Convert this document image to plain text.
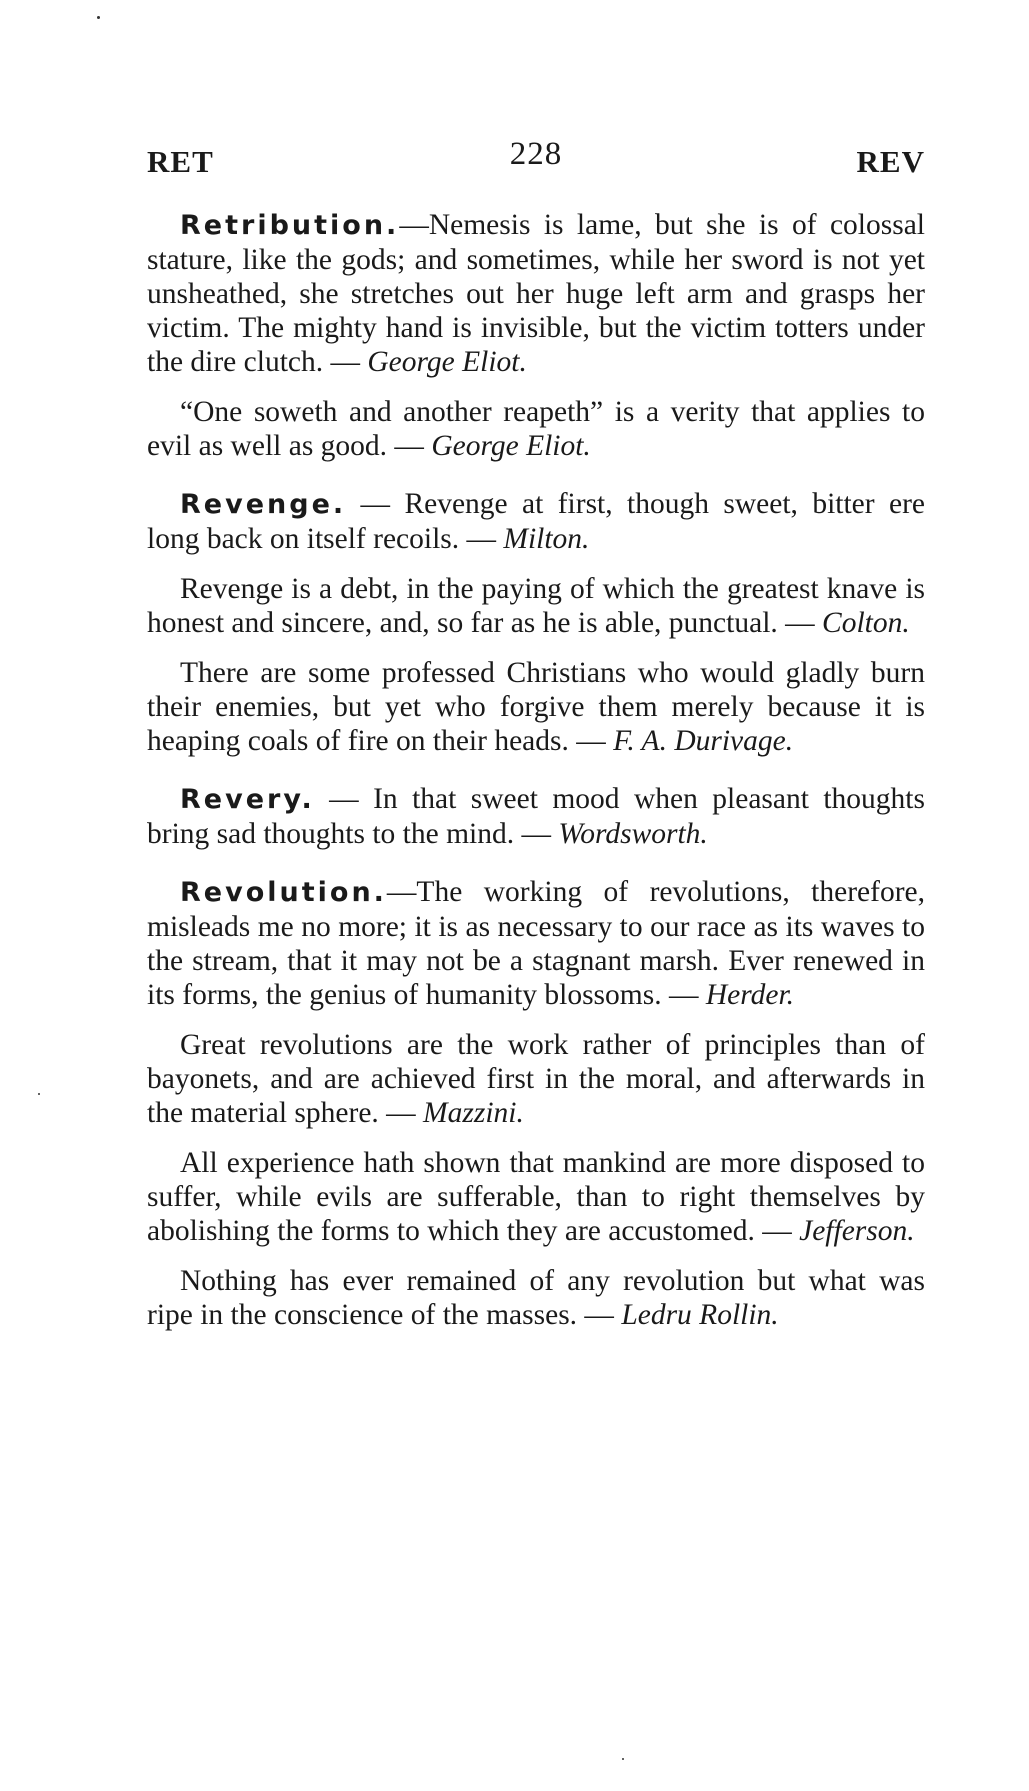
RET	228	REV

Retribution.—Nemesis is lame, but she is of colossal stature, like the gods; and sometimes, while her sword is not yet unsheathed, she stretches out her huge left arm and grasps her victim. The mighty hand is invisible, but the victim totters under the dire clutch. — George Eliot.

“One soweth and another reapeth” is a verity that applies to evil as well as good. — George Eliot.

Revenge. — Revenge at first, though sweet, bitter ere long back on itself recoils. — Milton.

Revenge is a debt, in the paying of which the greatest knave is honest and sincere, and, so far as he is able, punctual. — Colton.

There are some professed Christians who would gladly burn their enemies, but yet who forgive them merely because it is heaping coals of fire on their heads. — F. A. Durivage.

Revery. — In that sweet mood when pleasant thoughts bring sad thoughts to the mind. — Wordsworth.

Revolution.—The working of revolutions, therefore, misleads me no more; it is as necessary to our race as its waves to the stream, that it may not be a stagnant marsh. Ever renewed in its forms, the genius of humanity blossoms. — Herder.

Great revolutions are the work rather of principles than of bayonets, and are achieved first in the moral, and afterwards in the material sphere. — Mazzini.

All experience hath shown that mankind are more disposed to suffer, while evils are sufferable, than to right themselves by abolishing the forms to which they are accustomed. — Jefferson.

Nothing has ever remained of any revolution but what was ripe in the conscience of the masses. — Ledru Rollin.
